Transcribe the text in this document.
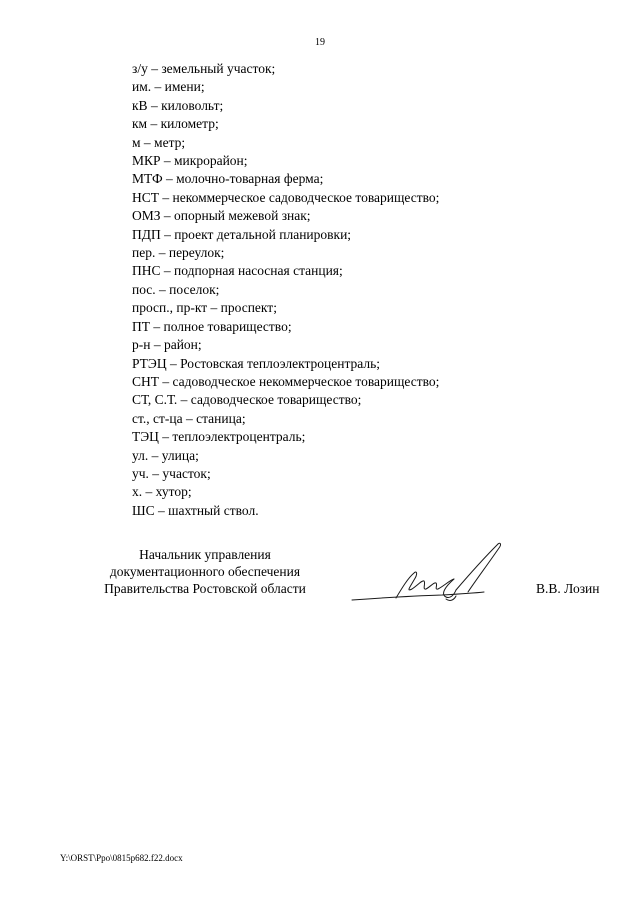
19
з/у – земельный участок;
им. – имени;
кВ – киловольт;
км – километр;
м – метр;
МКР – микрорайон;
МТФ – молочно-товарная ферма;
НСТ – некоммерческое садоводческое товарищество;
ОМЗ – опорный межевой знак;
ПДП – проект детальной планировки;
пер. – переулок;
ПНС – подпорная насосная станция;
пос. – поселок;
просп., пр-кт – проспект;
ПТ – полное товарищество;
р-н – район;
РТЭЦ – Ростовская теплоэлектроцентраль;
СНТ – садоводческое некоммерческое товарищество;
СТ, С.Т. – садоводческое товарищество;
ст., ст-ца – станица;
ТЭЦ – теплоэлектроцентраль;
ул. – улица;
уч. – участок;
х. – хутор;
ШС – шахтный ствол.
Начальник управления
документационного обеспечения
Правительства Ростовской области	В.В. Лозин
Y:\ORST\Ppo\0815p682.f22.docx
